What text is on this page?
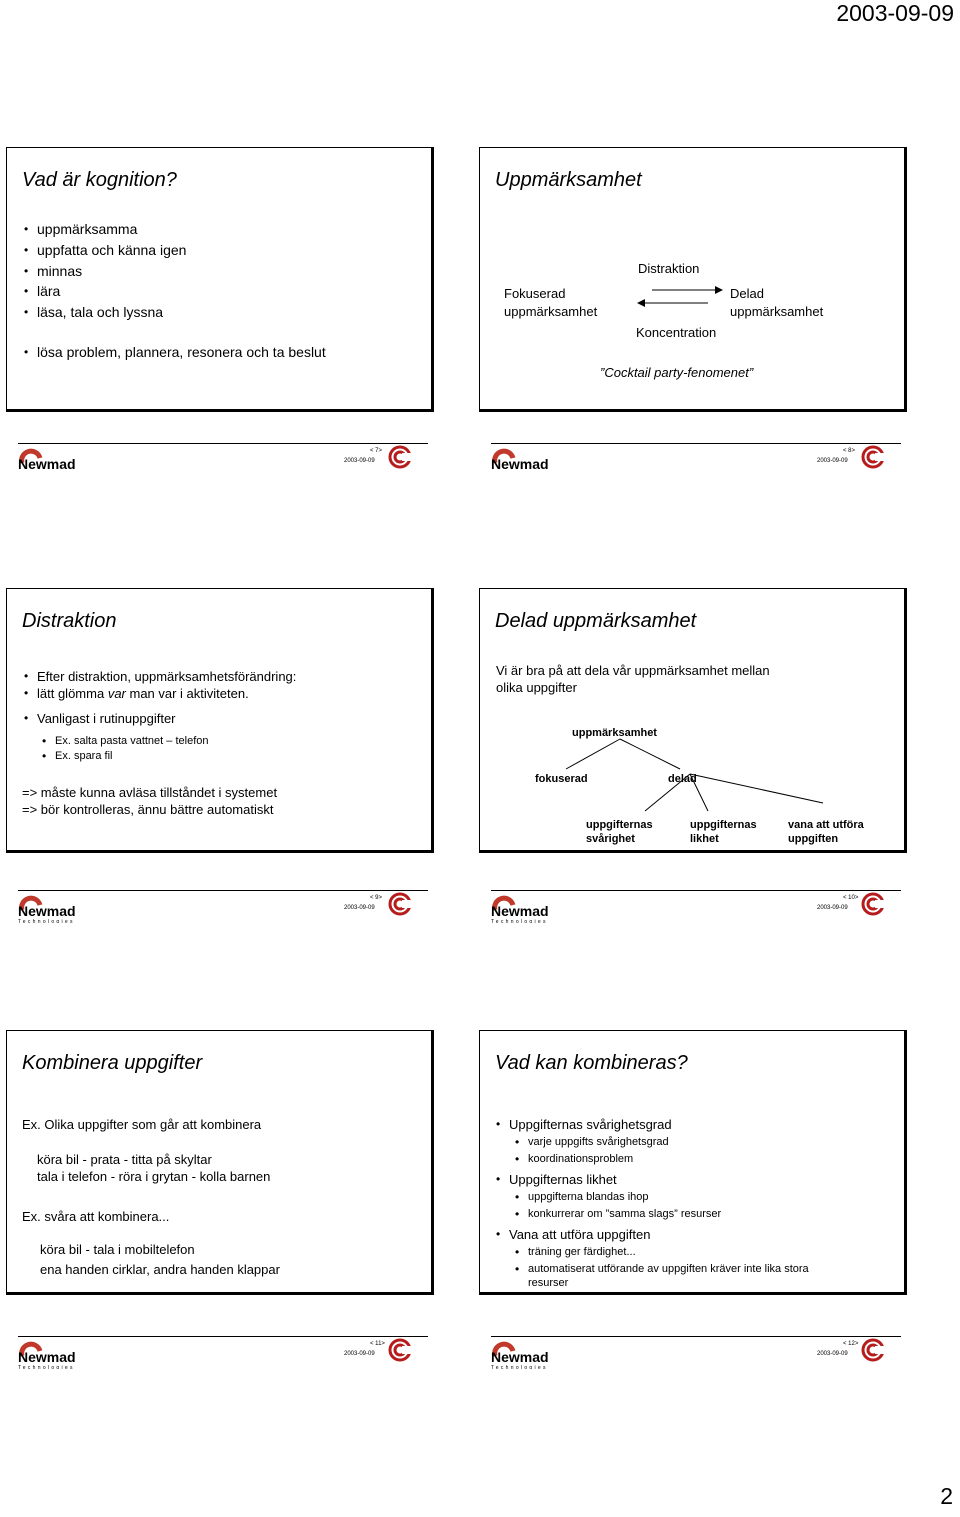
2003-09-09
2
Vad är kognition?
• uppmärksamma
• uppfatta och känna igen
• minnas
• lära
• läsa, tala och lyssna
• lösa problem, plannera, resonera och ta beslut
Newmad
< 7>
2003-09-09
Uppmärksamhet
Distraktion
Fokuserad
uppmärksamhet
Delad
uppmärksamhet
Koncentration
”Cocktail party-fenomenet”
Newmad
< 8>
2003-09-09
Distraktion
• Efter distraktion, uppmärksamhetsförändring:
• lätt glömma var man var i aktiviteten.
• Vanligast i rutinuppgifter
• Ex. salta pasta vattnet – telefon
• Ex. spara fil
=> måste kunna avläsa tillståndet i systemet
=> bör kontrolleras, ännu bättre automatiskt
Newmad
Technologies
< 9>
2003-09-09
Delad uppmärksamhet
Vi är bra på att dela vår uppmärksamhet mellan
olika uppgifter
uppmärksamhet
fokuserad	delad
uppgifternas
svårighet
uppgifternas
likhet
vana att utföra
uppgiften
Newmad
Technologies
< 10>
2003-09-09
Kombinera uppgifter
Ex. Olika uppgifter som går att kombinera
köra bil - prata - titta på skyltar
tala i telefon - röra i grytan - kolla barnen
Ex. svåra att kombinera...
köra bil - tala i mobiltelefon
ena handen cirklar, andra handen klappar
Newmad
Technologies
< 11>
2003-09-09
Vad kan kombineras?
• Uppgifternas svårighetsgrad
• varje uppgifts svårighetsgrad
• koordinationsproblem
• Uppgifternas likhet
• uppgifterna blandas ihop
• konkurrerar om ”samma slags” resurser
• Vana att utföra uppgiften
• träning ger färdighet...
• automatiserat utförande av uppgiften kräver inte lika stora
resurser
Newmad
Technologies
< 12>
2003-09-09
